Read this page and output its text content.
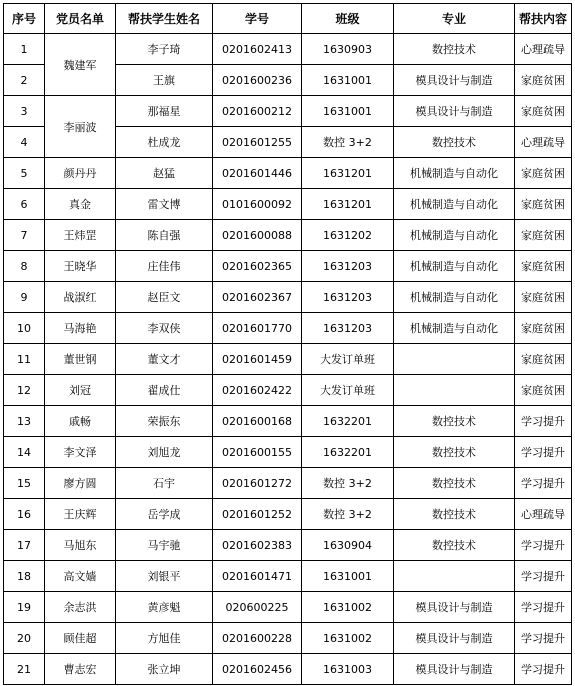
序号	党员名单	帮扶学生姓名	学号	班级	专业	帮扶内容
1	魏建军	李子琦	0201602413	1630903	数控技术	心理疏导
2		王旗	0201600236	1631001	模具设计与制造	家庭贫困
3	李丽波	那福星	0201600212	1631001	模具设计与制造	家庭贫困
4		杜成龙	0201601255	数控 3+2	数控技术	心理疏导
5	颜丹丹	赵猛	0201601446	1631201	机械制造与自动化	家庭贫困
6	真金	雷文博	0101600092	1631201	机械制造与自动化	家庭贫困
7	王炜罡	陈自强	0201600088	1631202	机械制造与自动化	家庭贫困
8	王晓华	庄佳伟	0201602365	1631203	机械制造与自动化	家庭贫困
9	战淑红	赵臣文	0201602367	1631203	机械制造与自动化	家庭贫困
10	马海艳	李双侠	0201601770	1631203	机械制造与自动化	家庭贫困
11	董世钢	董文才	0201601459	大发订单班		家庭贫困
12	刘冠	翟成仕	0201602422	大发订单班		家庭贫困
13	戚畅	荣振东	0201600168	1632201	数控技术	学习提升
14	李文泽	刘旭龙	0201600155	1632201	数控技术	学习提升
15	廖方圆	石宇	0201601272	数控 3+2	数控技术	学习提升
16	王庆辉	岳学成	0201601252	数控 3+2	数控技术	心理疏导
17	马旭东	马宇驰	0201602383	1630904	数控技术	学习提升
18	高文嫱	刘银平	0201601471	1631001		学习提升
19	余志洪	黄彦魁	020600225	1631002	模具设计与制造	学习提升
20	顾佳超	方旭佳	0201600228	1631002	模具设计与制造	学习提升
21	曹志宏	张立坤	0201602456	1631003	模具设计与制造	学习提升
